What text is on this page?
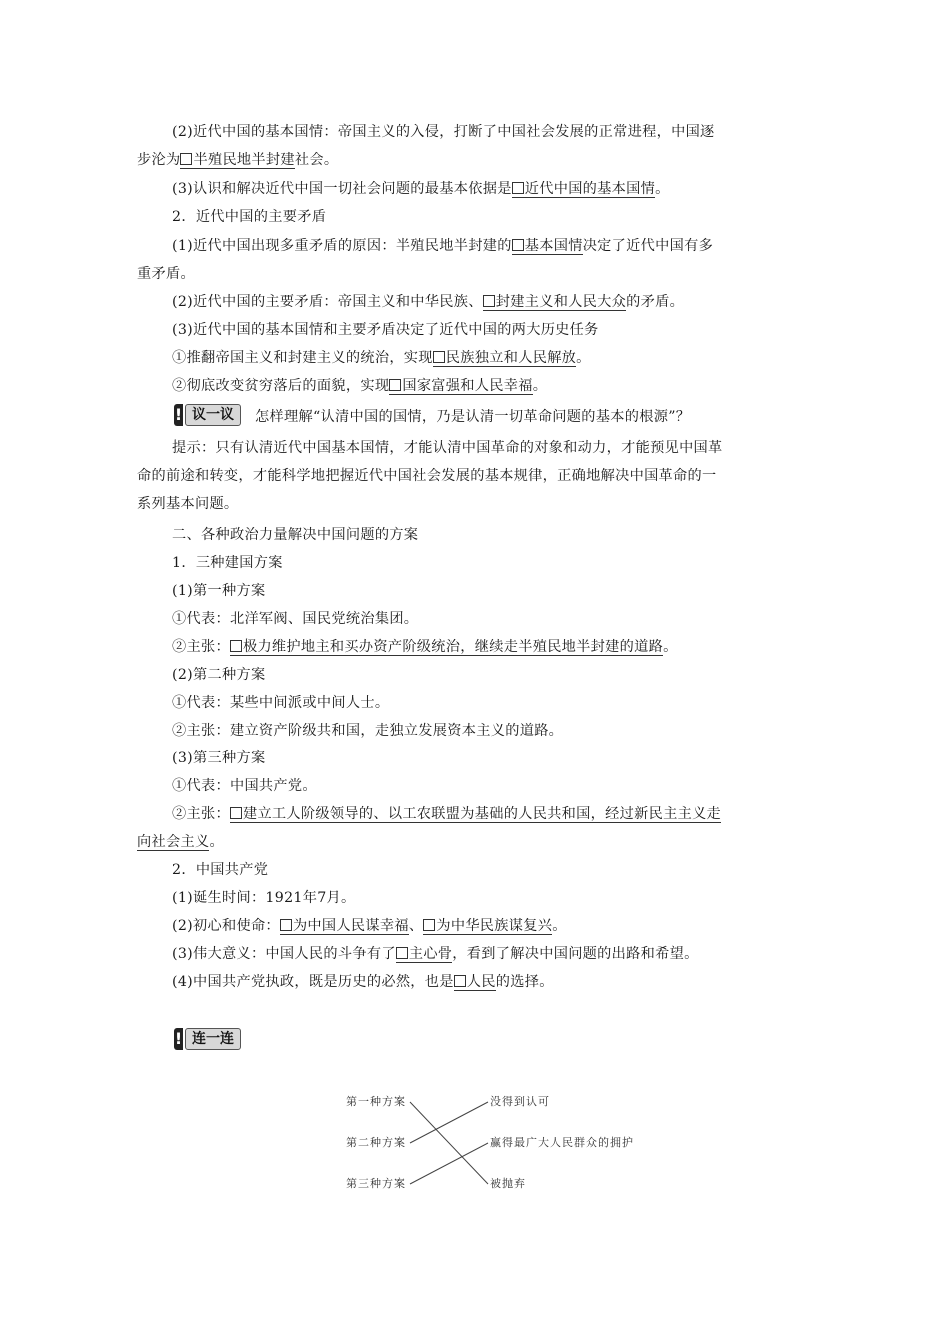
(2)近代中国的基本国情：帝国主义的入侵，打断了中国社会发展的正常进程，中国逐
步沦为 半殖民地半封建社会。
(3)认识和解决近代中国一切社会问题的最基本依据是 近代中国的基本国情。
2．近代中国的主要矛盾
(1)近代中国出现多重矛盾的原因：半殖民地半封建的 基本国情决定了近代中国有多
重矛盾。
(2)近代中国的主要矛盾：帝国主义和中华民族、 封建主义和人民大众的矛盾。
(3)近代中国的基本国情和主要矛盾决定了近代中国的两大历史任务
①推翻帝国主义和封建主义的统治，实现 民族独立和人民解放。
②彻底改变贫穷落后的面貌，实现 国家富强和人民幸福。
! 议一议	怎样理解“认清中国的国情，乃是认清一切革命问题的基本的根源”？
提示：只有认清近代中国基本国情，才能认清中国革命的对象和动力，才能预见中国革
命的前途和转变，才能科学地把握近代中国社会发展的基本规律，正确地解决中国革命的一
系列基本问题。
二、各种政治力量解决中国问题的方案
1．三种建国方案
(1)第一种方案
①代表：北洋军阀、国民党统治集团。
②主张： 极力维护地主和买办资产阶级统治，继续走半殖民地半封建的道路。
(2)第二种方案
①代表：某些中间派或中间人士。
②主张：建立资产阶级共和国，走独立发展资本主义的道路。
(3)第三种方案
①代表：中国共产党。
②主张： 建立工人阶级领导的、以工农联盟为基础的人民共和国，经过新民主主义走
向社会主义。
2．中国共产党
(1)诞生时间：1921年7月。
(2)初心和使命： 为中国人民谋幸福、 为中华民族谋复兴。
(3)伟大意义：中国人民的斗争有了 主心骨，看到了解决中国问题的出路和希望。
(4)中国共产党执政，既是历史的必然，也是 人民的选择。
! 连一连
第一种方案
第二种方案
第三种方案
没得到认可
赢得最广大人民群众的拥护
被抛弃
